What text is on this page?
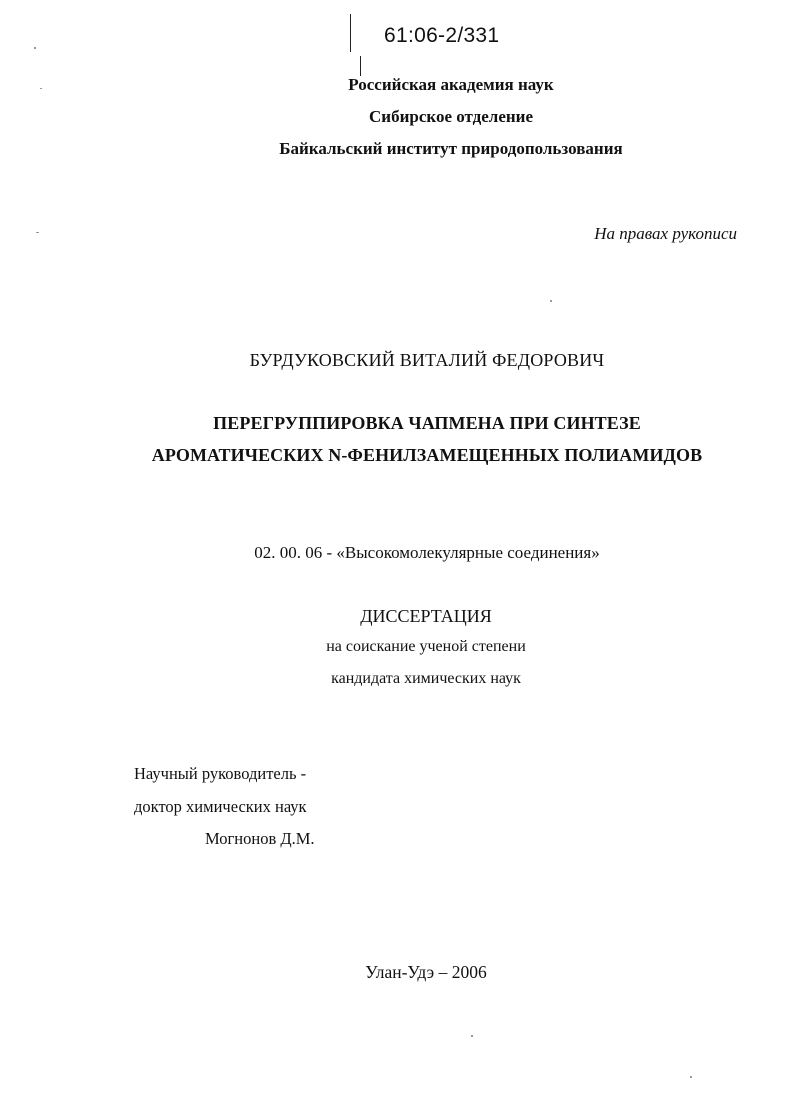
61:06-2/331
Российская академия наук
Сибирское отделение
Байкальский институт природопользования
На правах рукописи
БУРДУКОВСКИЙ ВИТАЛИЙ ФЕДОРОВИЧ
ПЕРЕГРУППИРОВКА ЧАПМЕНА ПРИ СИНТЕЗЕ
АРОМАТИЧЕСКИХ N-ФЕНИЛЗАМЕЩЕННЫХ ПОЛИАМИДОВ
02. 00. 06 - «Высокомолекулярные соединения»
ДИССЕРТАЦИЯ
на соискание ученой степени
кандидата химических наук
Научный руководитель -
доктор химических наук
Могнонов Д.М.
Улан-Удэ – 2006
